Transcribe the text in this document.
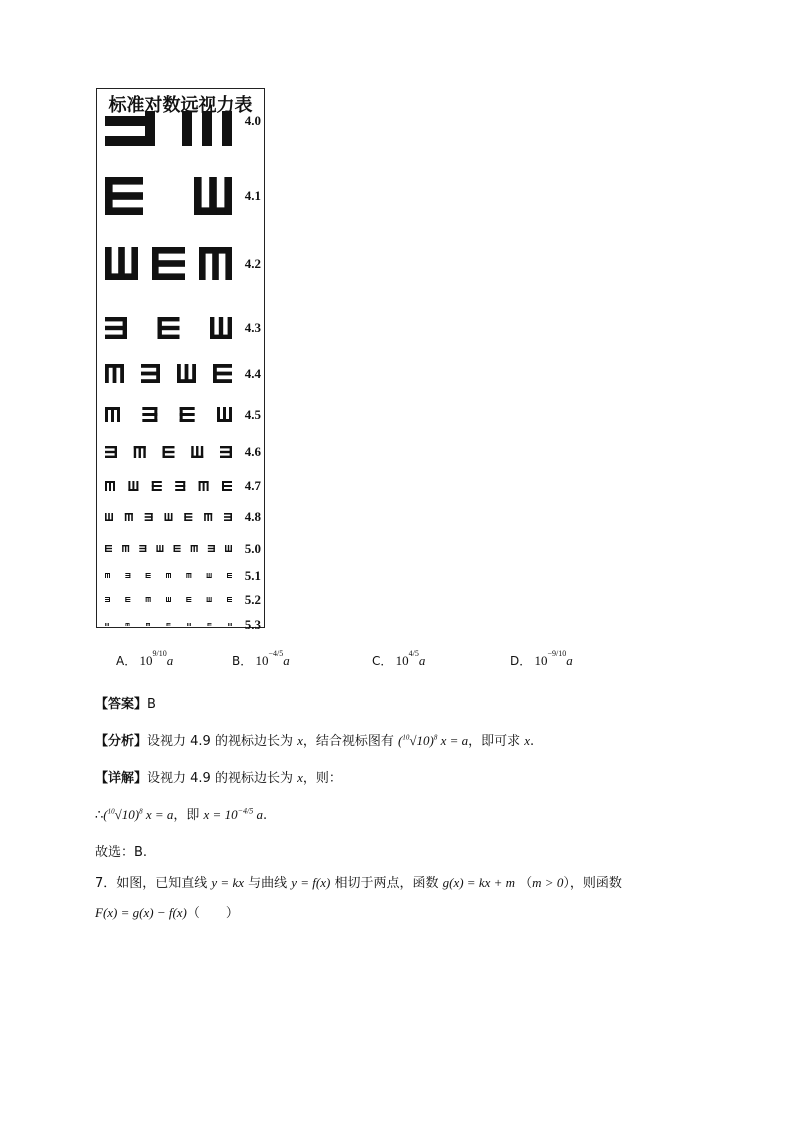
标准对数远视力表
4.0
4.1
4.2
4.3
4.4
4.5
4.6
4.7
4.8
5.0
5.1
5.2
5.3
A． $10^{9/10}a$	B． $10^{-4/5}a$	C． $10^{4/5}a$	D． $10^{-9/10}a$
【答案】B
【分析】设视力 4.9 的视标边长为 x，结合视标图有 $(^{10}√10)^8$ x = a，即可求 x.
【详解】设视力 4.9 的视标边长为 x，则：
$\therefore(^{10}√10)^8$ x = a，即 $x = 10^{-4/5}$ a.
故选：B.
7．如图，已知直线 y = kx 与曲线 y = f(x) 相切于两点，函数 g(x) = kx + m （m > 0），则函数
F(x) = g(x) − f(x)（　　）
